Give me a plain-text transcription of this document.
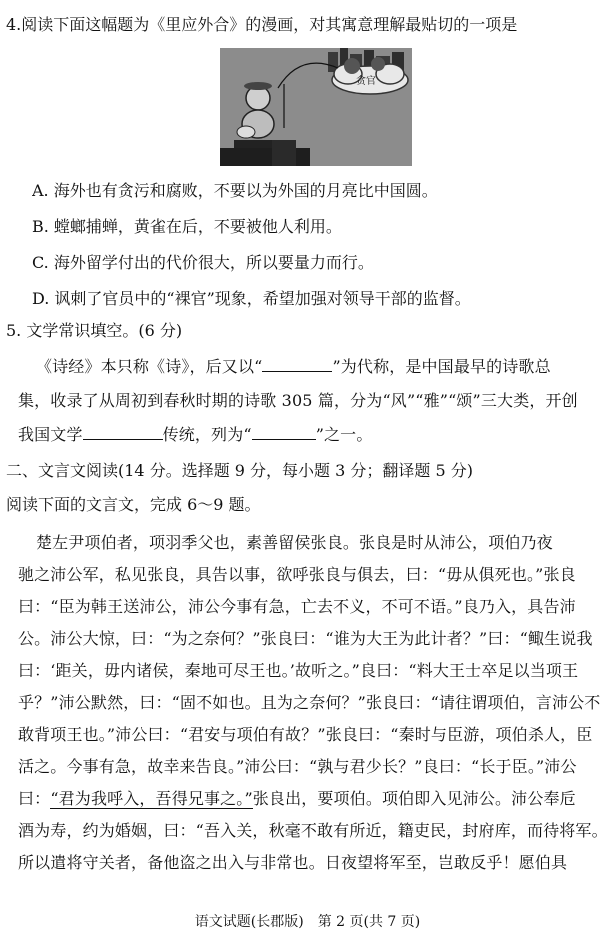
4.阅读下面这幅题为《里应外合》的漫画，对其寓意理解最贴切的一项是
贪官
A. 海外也有贪污和腐败，不要以为外国的月亮比中国圆。
B. 螳螂捕蝉，黄雀在后，不要被他人利用。
C. 海外留学付出的代价很大，所以要量力而行。
D. 讽刺了官员中的“裸官”现象，希望加强对领导干部的监督。
5. 文学常识填空。(6 分)
《诗经》本只称《诗》，后又以“	”为代称，是中国最早的诗歌总
集，收录了从周初到春秋时期的诗歌 305 篇，分为“风”“雅”“颂”三大类，开创
我国文学	传统，列为“	”之一。
二、文言文阅读(14 分。选择题 9 分，每小题 3 分；翻译题 5 分)
阅读下面的文言文，完成 6～9 题。
楚左尹项伯者，项羽季父也，素善留侯张良。张良是时从沛公，项伯乃夜
驰之沛公军，私见张良，具告以事，欲呼张良与俱去，曰：“毋从俱死也。”张良
曰：“臣为韩王送沛公，沛公今事有急，亡去不义，不可不语。”良乃入，具告沛
公。沛公大惊，曰：“为之奈何？”张良曰：“谁为大王为此计者？”曰：“鲰生说我
曰：‘距关，毋内诸侯，秦地可尽王也。’故听之。”良曰：“料大王士卒足以当项王
乎？”沛公默然，曰：“固不如也。且为之奈何？”张良曰：“请往谓项伯，言沛公不
敢背项王也。”沛公曰：“君安与项伯有故？”张良曰：“秦时与臣游，项伯杀人，臣
活之。今事有急，故幸来告良。”沛公曰：“孰与君少长？”良曰：“长于臣。”沛公
曰：“君为我呼入，吾得兄事之。”张良出，要项伯。项伯即入见沛公。沛公奉卮
酒为寿，约为婚姻，曰：“吾入关，秋毫不敢有所近，籍吏民，封府库，而待将军。
所以遣将守关者，备他盗之出入与非常也。日夜望将军至，岂敢反乎！愿伯具
语文试题(长郡版)　第 2 页(共 7 页)
